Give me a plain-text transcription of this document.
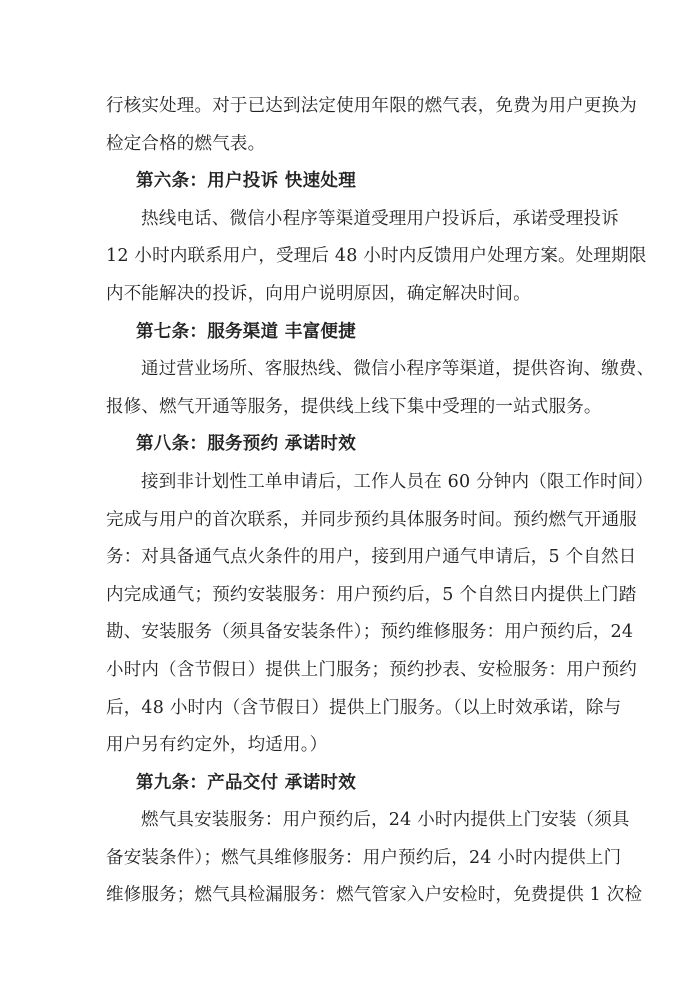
行核实处理。对于已达到法定使用年限的燃气表，免费为用户更换为
检定合格的燃气表。
第六条：用户投诉 快速处理
热线电话、微信小程序等渠道受理用户投诉后，承诺受理投诉
12 小时内联系用户，受理后 48 小时内反馈用户处理方案。处理期限
内不能解决的投诉，向用户说明原因，确定解决时间。
第七条：服务渠道 丰富便捷
通过营业场所、客服热线、微信小程序等渠道，提供咨询、缴费、
报修、燃气开通等服务，提供线上线下集中受理的一站式服务。
第八条：服务预约 承诺时效
接到非计划性工单申请后，工作人员在 60 分钟内（限工作时间）
完成与用户的首次联系，并同步预约具体服务时间。预约燃气开通服
务：对具备通气点火条件的用户，接到用户通气申请后，5 个自然日
内完成通气；预约安装服务：用户预约后，5 个自然日内提供上门踏
勘、安装服务（须具备安装条件）；预约维修服务：用户预约后，24
小时内（含节假日）提供上门服务；预约抄表、安检服务：用户预约
后，48 小时内（含节假日）提供上门服务。（以上时效承诺，除与
用户另有约定外，均适用。）
第九条：产品交付 承诺时效
燃气具安装服务：用户预约后，24 小时内提供上门安装（须具
备安装条件）；燃气具维修服务：用户预约后，24 小时内提供上门
维修服务；燃气具检漏服务：燃气管家入户安检时，免费提供 1 次检
